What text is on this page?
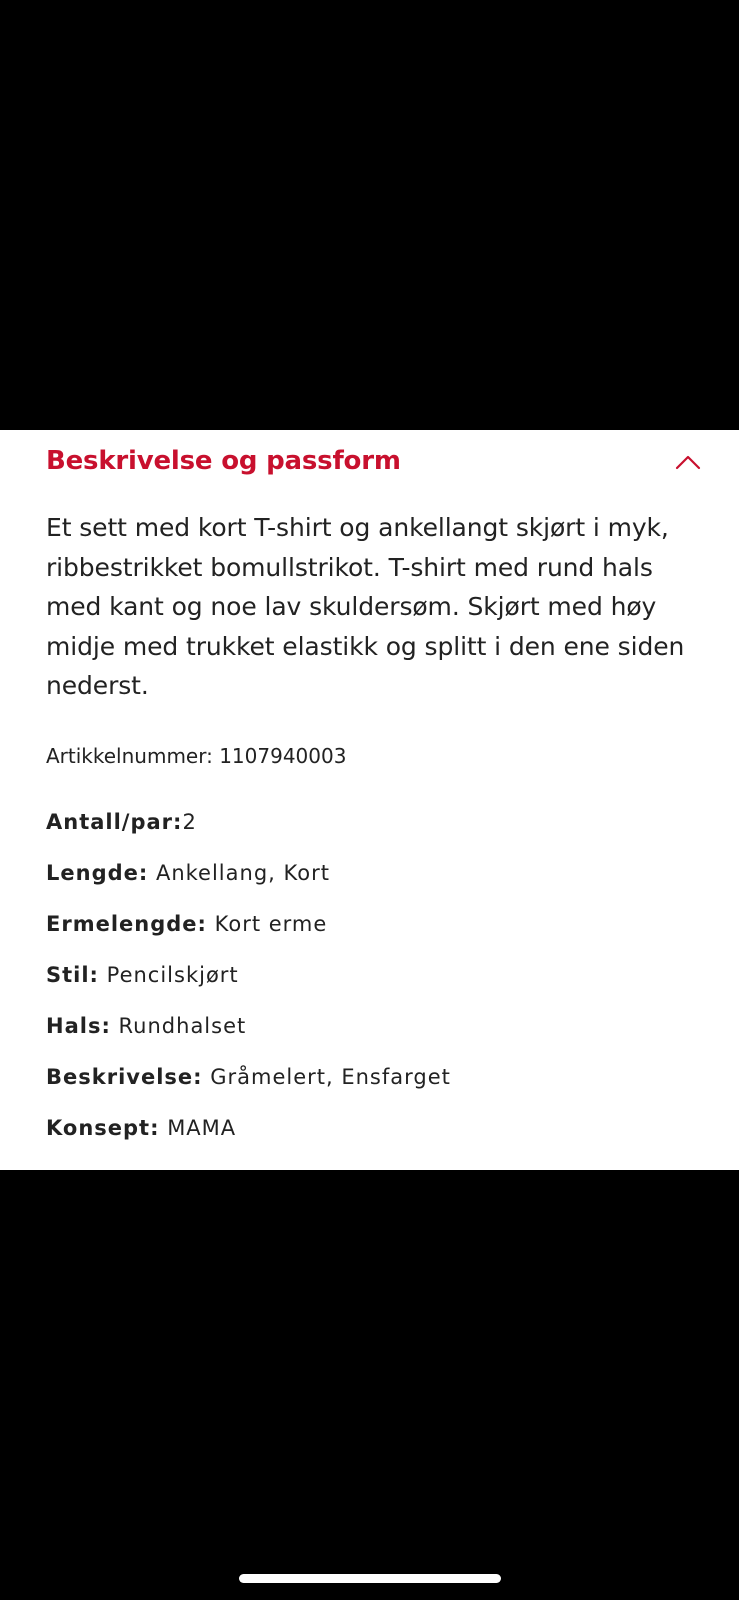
Beskrivelse og passform
Et sett med kort T-shirt og ankellangt skjørt i myk, ribbestrikket bomullstrikot. T-shirt med rund hals med kant og noe lav skuldersøm. Skjørt med høy midje med trukket elastikk og splitt i den ene siden nederst.
Artikkelnummer: 1107940003
Antall/par:2
Lengde: Ankellang, Kort
Ermelengde: Kort erme
Stil: Pencilskjørt
Hals: Rundhalset
Beskrivelse: Gråmelert, Ensfarget
Konsept: MAMA
